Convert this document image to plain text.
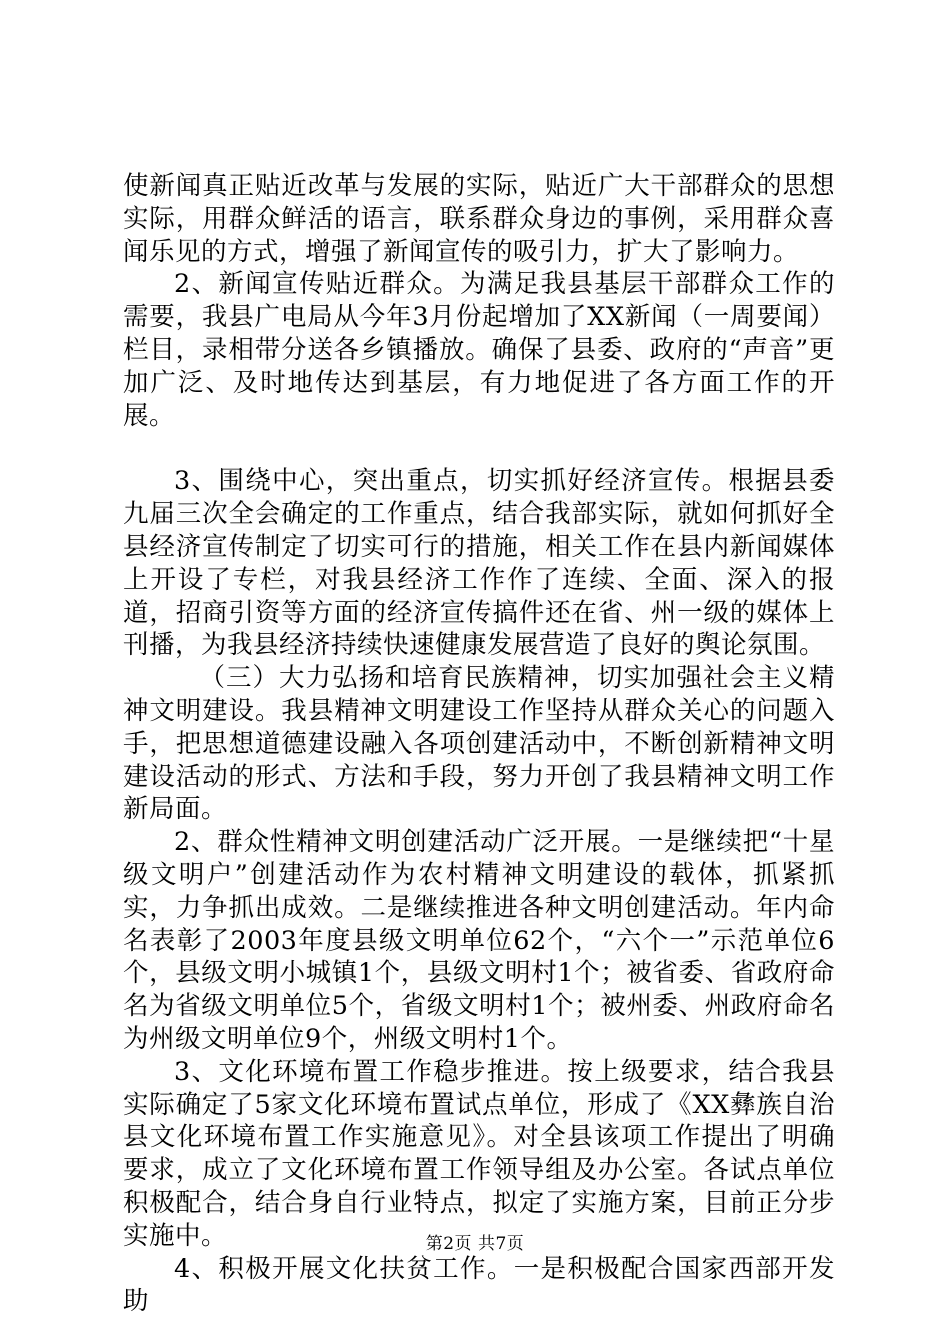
使新闻真正贴近改革与发展的实际，贴近广大干部群众的思想实际，用群众鲜活的语言，联系群众身边的事例，采用群众喜闻乐见的方式，增强了新闻宣传的吸引力，扩大了影响力。

2、新闻宣传贴近群众。为满足我县基层干部群众工作的需要，我县广电局从今年3月份起增加了XX新闻（一周要闻）栏目，录相带分送各乡镇播放。确保了县委、政府的“声音”更加广泛、及时地传达到基层，有力地促进了各方面工作的开展。

3、围绕中心，突出重点，切实抓好经济宣传。根据县委九届三次全会确定的工作重点，结合我部实际，就如何抓好全县经济宣传制定了切实可行的措施，相关工作在县内新闻媒体上开设了专栏，对我县经济工作作了连续、全面、深入的报道，招商引资等方面的经济宣传搞件还在省、州一级的媒体上刊播，为我县经济持续快速健康发展营造了良好的舆论氛围。

（三）大力弘扬和培育民族精神，切实加强社会主义精神文明建设。我县精神文明建设工作坚持从群众关心的问题入手，把思想道德建设融入各项创建活动中，不断创新精神文明建设活动的形式、方法和手段，努力开创了我县精神文明工作新局面。

2、群众性精神文明创建活动广泛开展。一是继续把“十星级文明户”创建活动作为农村精神文明建设的载体，抓紧抓实，力争抓出成效。二是继续推进各种文明创建活动。年内命名表彰了2003年度县级文明单位62个，“六个一”示范单位6个，县级文明小城镇1个，县级文明村1个；被省委、省政府命名为省级文明单位5个，省级文明村1个；被州委、州政府命名为州级文明单位9个，州级文明村1个。

3、文化环境布置工作稳步推进。按上级要求，结合我县实际确定了5家文化环境布置试点单位，形成了《XX彝族自治县文化环境布置工作实施意见》。对全县该项工作提出了明确要求，成立了文化环境布置工作领导组及办公室。各试点单位积极配合，结合身自行业特点，拟定了实施方案，目前正分步实施中。

4、积极开展文化扶贫工作。一是积极配合国家西部开发助

第2页 共7页
